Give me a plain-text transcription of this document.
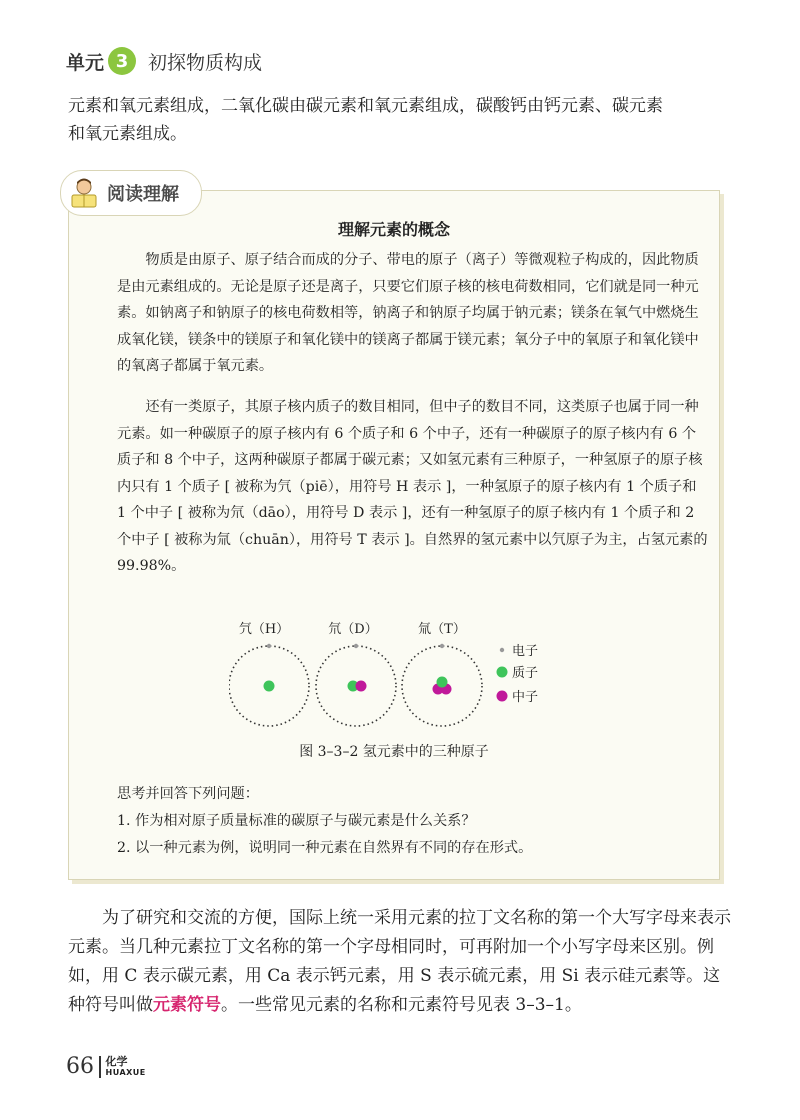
单元 3	初探物质构成

元素和氧元素组成，二氧化碳由碳元素和氧元素组成，碳酸钙由钙元素、碳元素

和氧元素组成。

阅读理解
理解元素的概念

物质是由原子、原子结合而成的分子、带电的原子（离子）等微观粒子构成的，因此物质是由元素组成的。无论是原子还是离子，只要它们原子核的核电荷数相同，它们就是同一种元素。如钠离子和钠原子的核电荷数相等，钠离子和钠原子均属于钠元素；镁条在氧气中燃烧生成氧化镁，镁条中的镁原子和氧化镁中的镁离子都属于镁元素；氧分子中的氧原子和氧化镁中的氧离子都属于氧元素。

还有一类原子，其原子核内质子的数目相同，但中子的数目不同，这类原子也属于同一种元素。如一种碳原子的原子核内有 6 个质子和 6 个中子，还有一种碳原子的原子核内有 6 个质子和 8 个中子，这两种碳原子都属于碳元素；又如氢元素有三种原子，一种氢原子的原子核内只有 1 个质子 [ 被称为氕（piē），用符号 H 表示 ]，一种氢原子的原子核内有 1 个质子和 1 个中子 [ 被称为氘（dāo），用符号 D 表示 ]，还有一种氢原子的原子核内有 1 个质子和 2 个中子 [ 被称为氚（chuān），用符号 T 表示 ]。自然界的氢元素中以氕原子为主，占氢元素的 99.98%。

氕（H）	氘（D）	氚（T）
电子
质子
中子
图 3–3–2 氢元素中的三种原子
思考并回答下列问题：
1. 作为相对原子质量标准的碳原子与碳元素是什么关系？
2. 以一种元素为例，说明同一种元素在自然界有不同的存在形式。

为了研究和交流的方便，国际上统一采用元素的拉丁文名称的第一个大写字母来表示元素。当几种元素拉丁文名称的第一个字母相同时，可再附加一个小写字母来区别。例如，用 C 表示碳元素，用 Ca 表示钙元素，用 S 表示硫元素，用 Si 表示硅元素等。这种符号叫做元素符号。一些常见元素的名称和元素符号见表 3–3–1。

66 化学
HUAXUE
